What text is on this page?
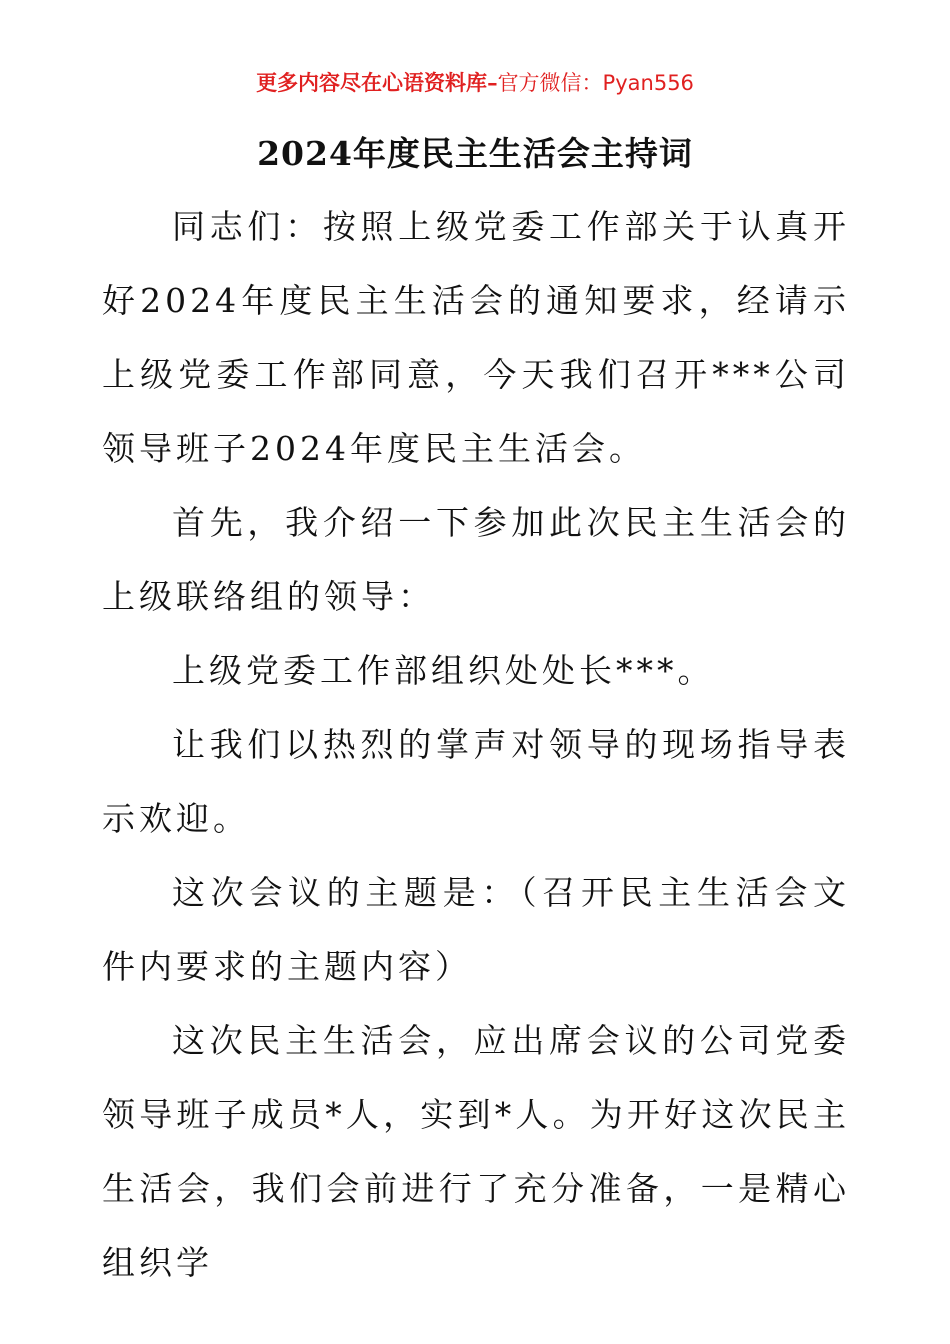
更多内容尽在心语资料库–官方微信：Pyan556
2024年度民主生活会主持词

同志们：按照上级党委工作部关于认真开好2024年度民主生活会的通知要求，经请示上级党委工作部同意，今天我们召开***公司领导班子2024年度民主生活会。

首先，我介绍一下参加此次民主生活会的上级联络组的领导：

上级党委工作部组织处处长***。

让我们以热烈的掌声对领导的现场指导表示欢迎。

这次会议的主题是：（召开民主生活会文件内要求的主题内容）

这次民主生活会，应出席会议的公司党委领导班子成员*人，实到*人。为开好这次民主生活会，我们会前进行了充分准备，一是精心组织学
